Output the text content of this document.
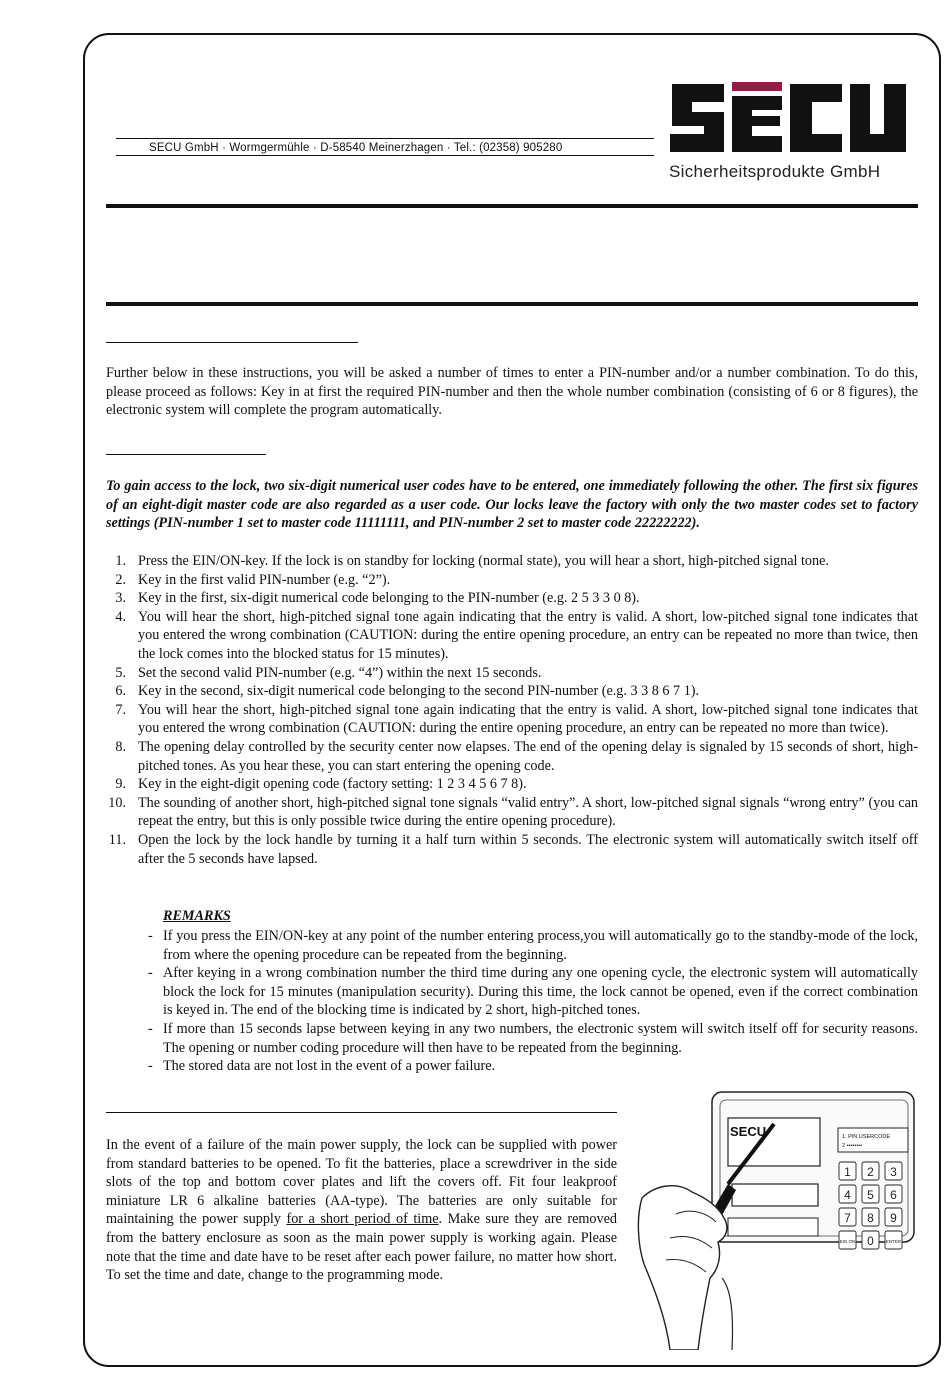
SECU GmbH · Wormgermühle · D-58540 Meinerzhagen · Tel.: (02358) 905280
Sicherheitsprodukte GmbH
Further below in these instructions, you will be asked a number of times to enter a PIN-number and/or a number combination. To do this, please proceed as follows: Key in at first the required PIN-number and then the whole number combination (consisting of 6 or 8 figures), the electronic system will complete the program automatically.
To gain access to the lock, two six-digit numerical user codes have to be entered, one immediately following the other. The first six figures of an eight-digit master code are also regarded as a user code. Our locks leave the factory with only the two master codes set to factory settings (PIN-number 1 set to master code 11111111, and PIN-number 2 set to master code 22222222).
1. Press the EIN/ON-key. If the lock is on standby for locking (normal state), you will hear a short, high-pitched signal tone.
2. Key in the first valid PIN-number (e.g. “2”).
3. Key in the first, six-digit numerical code belonging to the PIN-number (e.g. 2 5 3 3 0 8).
4. You will hear the short, high-pitched signal tone again indicating that the entry is valid. A short, low-pitched signal tone indicates that you entered the wrong combination (CAUTION: during the entire opening procedure, an entry can be repeated no more than twice, then the lock comes into the blocked status for 15 minutes).
5. Set the second valid PIN-number (e.g. “4”) within the next 15 seconds.
6. Key in the second, six-digit numerical code belonging to the second PIN-number (e.g. 3 3 8 6 7 1).
7. You will hear the short, high-pitched signal tone again indicating that the entry is valid. A short, low-pitched signal tone indicates that you entered the wrong combination (CAUTION: during the entire opening procedure, an entry can be repeated no more than twice).
8. The opening delay controlled by the security center now elapses. The end of the opening delay is signaled by 15 seconds of short, high-pitched tones. As you hear these, you can start entering the opening code.
9. Key in the eight-digit opening code (factory setting: 1 2 3 4 5 6 7 8).
10. The sounding of another short, high-pitched signal tone signals “valid entry”. A short, low-pitched signal signals “wrong entry” (you can repeat the entry, but this is only possible twice during the entire opening procedure).
11. Open the lock by the lock handle by turning it a half turn within 5 seconds. The electronic system will automatically switch itself off after the 5 seconds have lapsed.
REMARKS
- If you press the EIN/ON-key at any point of the number entering process,you will automatically go to the standby-mode of the lock, from where the opening procedure can be repeated from the beginning.
- After keying in a wrong combination number the third time during any one opening cycle, the electronic system will automatically block the lock for 15 minutes (manipulation security). During this time, the lock cannot be opened, even if the correct combination is keyed in. The end of the blocking time is indicated by 2 short, high-pitched tones.
- If more than 15 seconds lapse between keying in any two numbers, the electronic system will switch itself off for security reasons. The opening or number coding procedure will then have to be repeated from the beginning.
- The stored data are not lost in the event of a power failure.
In the event of a failure of the main power supply, the lock can be supplied with power from standard batteries to be opened. To fit the batteries, place a screwdriver in the side slots of the top and bottom cover plates and lift the covers off. Fit four leakproof miniature LR 6 alkaline batteries (AA-type). The batteries are only suitable for maintaining the power supply for a short period of time. Make sure they are removed from the battery enclosure as soon as the main power supply is working again. Please note that the time and date have to be reset after each power failure, no matter how short. To set the time and date, change to the programming mode.
SECU	1. PIN USERCODE
2 ••••••••
1 2 3
4 5 6
7 8 9
EIN ON 0	ENTER
